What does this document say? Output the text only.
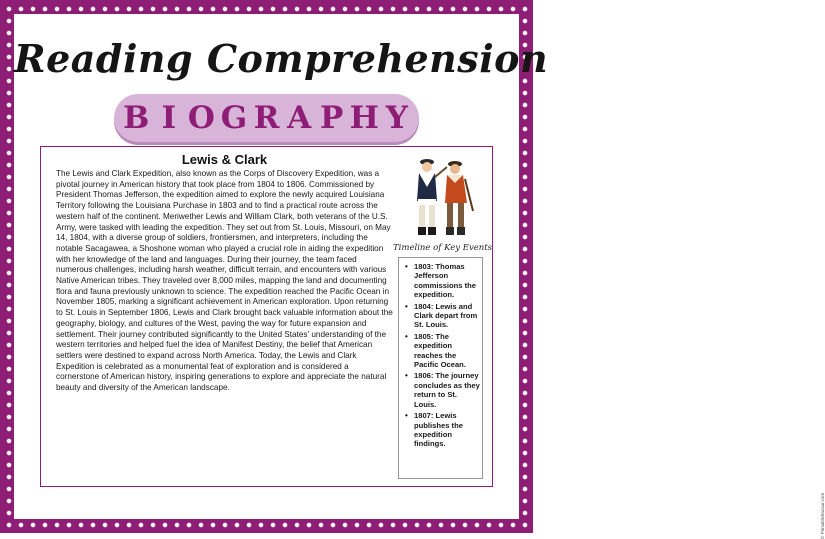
Reading Comprehension
B I O G R A P H Y
Lewis & Clark

The Lewis and Clark Expedition, also known as the Corps of Discovery Expedition, was a pivotal journey in American history that took place from 1804 to 1806. Commissioned by President Thomas Jefferson, the expedition aimed to explore the newly acquired Louisiana Territory following the Louisiana Purchase in 1803 and to find a practical route across the western half of the continent. Meriwether Lewis and William Clark, both veterans of the U.S. Army, were tasked with leading the expedition. They set out from St. Louis, Missouri, on May 14, 1804, with a diverse group of soldiers, frontiersmen, and interpreters, including the notable Sacagawea, a Shoshone woman who played a crucial role in aiding the expedition with her knowledge of the land and languages. During their journey, the team faced numerous challenges, including harsh weather, difficult terrain, and encounters with various Native American tribes. They traveled over 8,000 miles, mapping the land and documenting flora and fauna previously unknown to science. The expedition reached the Pacific Ocean in November 1805, marking a significant achievement in American exploration. Upon returning to St. Louis in September 1806, Lewis and Clark brought back valuable information about the geography, biology, and cultures of the West, paving the way for future expansion and settlement. Their journey contributed significantly to the United States' understanding of the western territories and helped fuel the idea of Manifest Destiny, the belief that American settlers were destined to expand across North America. Today, the Lewis and Clark Expedition is celebrated as a monumental feat of exploration and is considered a cornerstone of American history, inspiring generations to explore and appreciate the natural beauty and diversity of the American landscape.

Timeline of Key Events
• 1803: Thomas Jefferson commissions the expedition.
• 1804: Lewis and Clark depart from St. Louis.
• 1805: The expedition reaches the Pacific Ocean.
• 1806: The journey concludes as they return to St. Louis.
• 1807: Lewis publishes the expedition findings.
© PrintableBazaar.com
